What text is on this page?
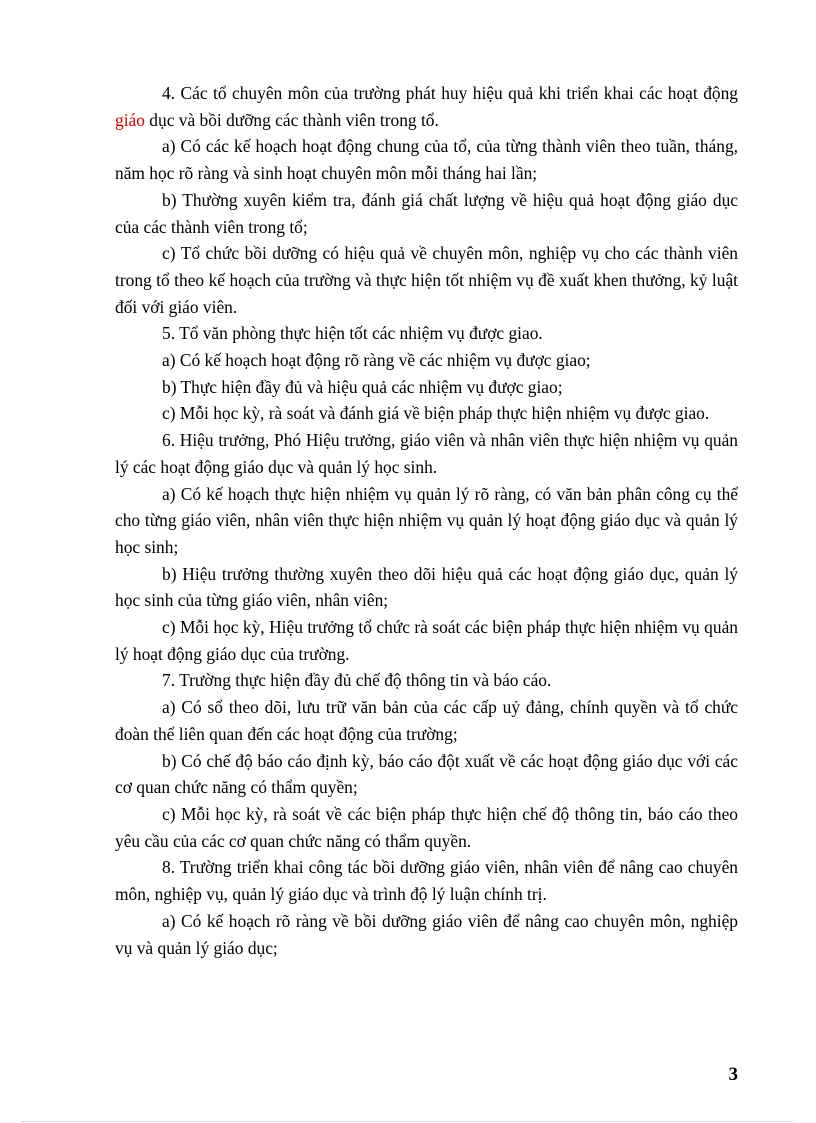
4. Các tổ chuyên môn của trường phát huy hiệu quả khi triển khai các hoạt động giáo dục và bồi dưỡng các thành viên trong tổ.

a) Có các kế hoạch hoạt động chung của tổ, của từng thành viên theo tuần, tháng, năm học rõ ràng và sinh hoạt chuyên môn mỗi tháng hai lần;

b) Thường xuyên kiểm tra, đánh giá chất lượng về hiệu quả hoạt động giáo dục của các thành viên trong tổ;

c) Tổ chức bồi dưỡng có hiệu quả về chuyên môn, nghiệp vụ cho các thành viên trong tổ theo kế hoạch của trường và thực hiện tốt nhiệm vụ đề xuất khen thưởng, kỷ luật đối với giáo viên.

5. Tổ văn phòng thực hiện tốt các nhiệm vụ được giao.

a) Có kế hoạch hoạt động rõ ràng về các nhiệm vụ được giao;

b) Thực hiện đầy đủ và hiệu quả các nhiệm vụ được giao;

c) Mỗi học kỳ, rà soát và đánh giá về biện pháp thực hiện nhiệm vụ được giao.

6. Hiệu trưởng, Phó Hiệu trưởng, giáo viên và nhân viên thực hiện nhiệm vụ quản lý các hoạt động giáo dục và quản lý học sinh.

a) Có kế hoạch thực hiện nhiệm vụ quản lý rõ ràng, có văn bản phân công cụ thể cho từng giáo viên, nhân viên thực hiện nhiệm vụ quản lý hoạt động giáo dục và quản lý học sinh;

b) Hiệu trưởng thường xuyên theo dõi hiệu quả các hoạt động giáo dục, quản lý học sinh của từng giáo viên, nhân viên;

c) Mỗi học kỳ, Hiệu trưởng tổ chức rà soát các biện pháp thực hiện nhiệm vụ quản lý hoạt động giáo dục của trường.

7. Trường thực hiện đầy đủ chế độ thông tin và báo cáo.

a) Có sổ theo dõi, lưu trữ văn bản của các cấp uỷ đảng, chính quyền và tổ chức đoàn thể liên quan đến các hoạt động của trường;

b) Có chế độ báo cáo định kỳ, báo cáo đột xuất về các hoạt động giáo dục với các cơ quan chức năng có thẩm quyền;

c) Mỗi học kỳ, rà soát về các biện pháp thực hiện chế độ thông tin, báo cáo theo yêu cầu của các cơ quan chức năng có thẩm quyền.

8. Trường triển khai công tác bồi dưỡng giáo viên, nhân viên để nâng cao chuyên môn, nghiệp vụ, quản lý giáo dục và trình độ lý luận chính trị.

a) Có kế hoạch rõ ràng về bồi dưỡng giáo viên để nâng cao chuyên môn, nghiệp vụ và quản lý giáo dục;

3
